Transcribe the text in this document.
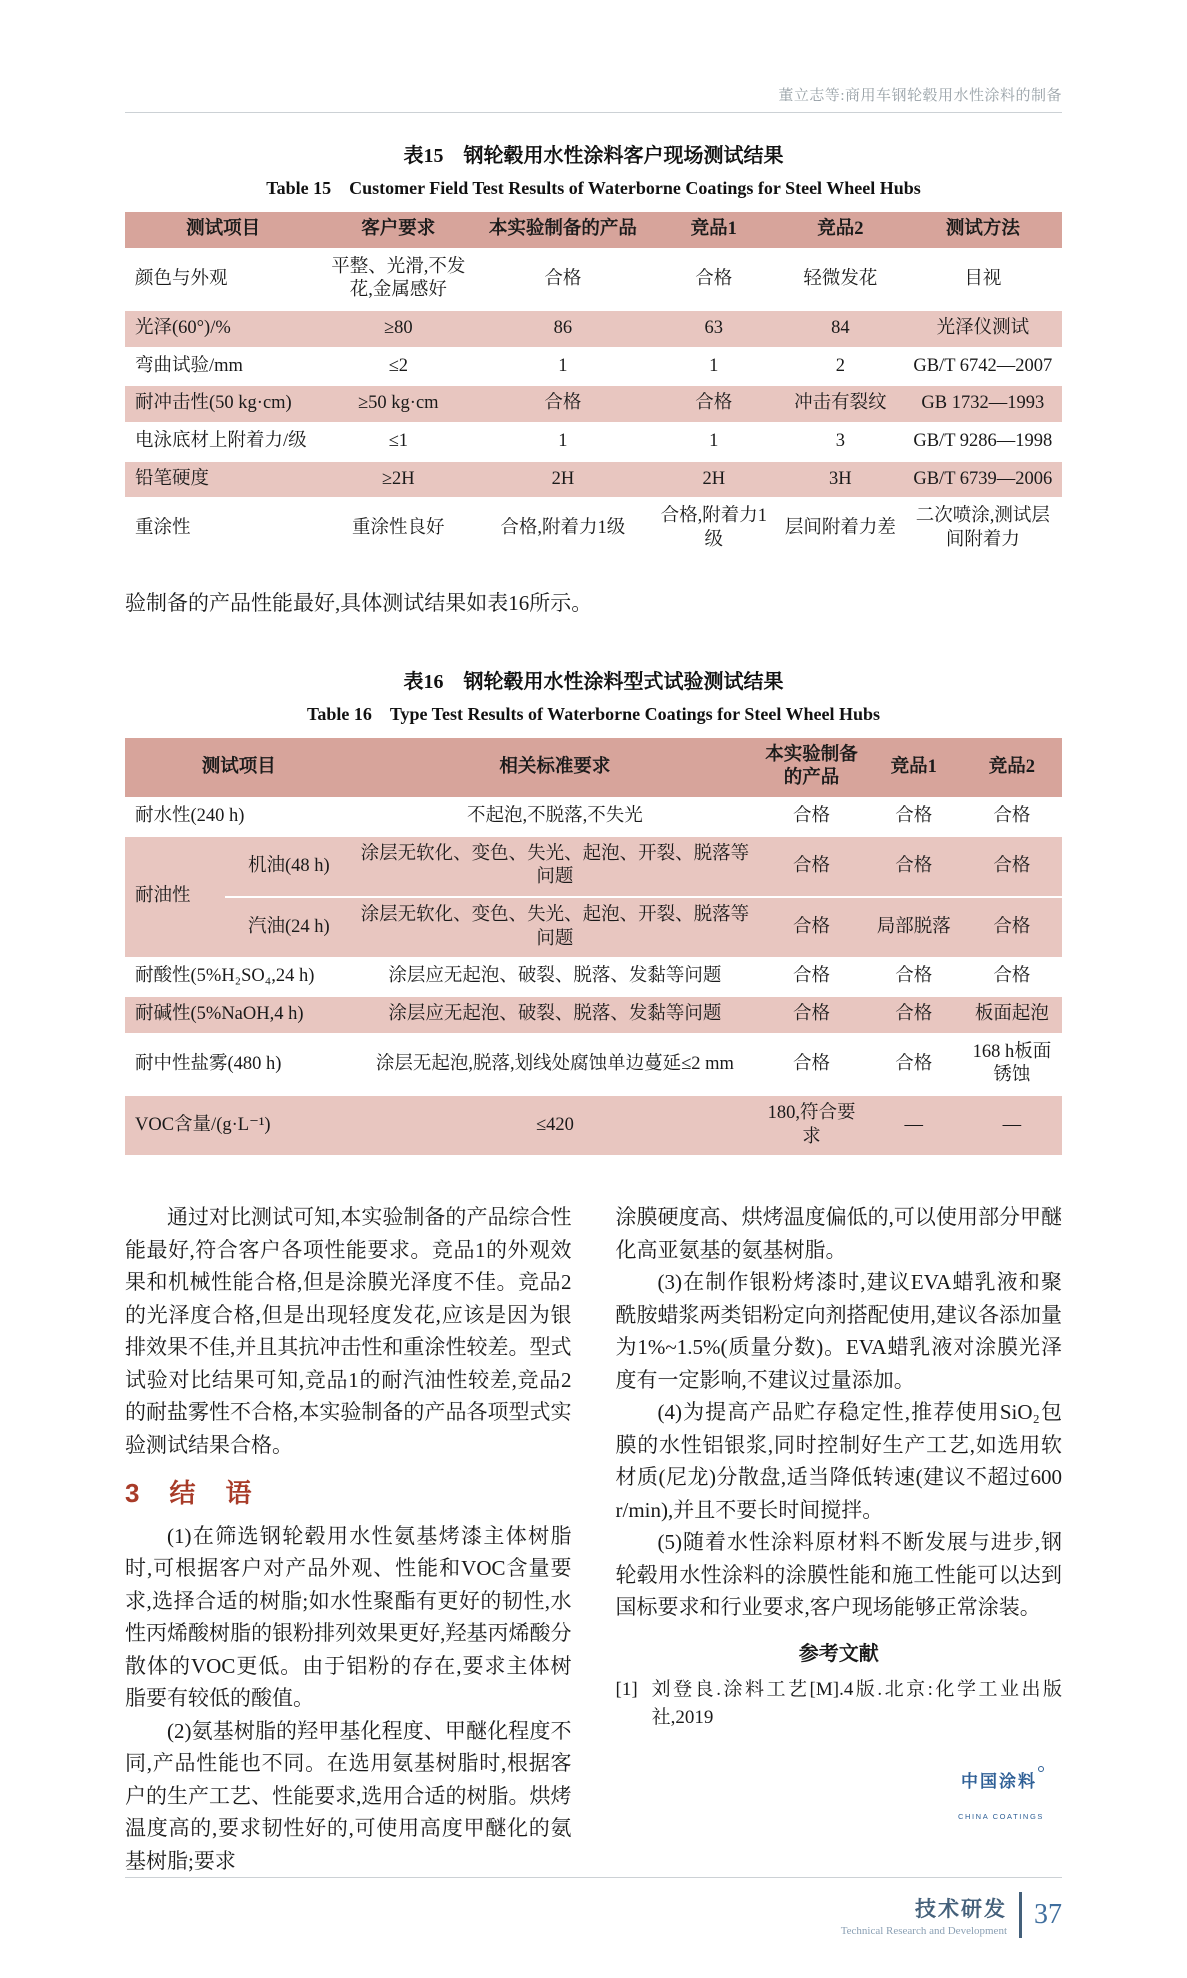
董立志等:商用车钢轮毂用水性涂料的制备
表15　钢轮毂用水性涂料客户现场测试结果
Table 15　Customer Field Test Results of Waterborne Coatings for Steel Wheel Hubs
测试项目	客户要求	本实验制备的产品	竞品1	竞品2	测试方法
颜色与外观	平整、光滑,不发花,金属感好	合格	合格	轻微发花	目视
光泽(60°)/%	≥80	86	63	84	光泽仪测试
弯曲试验/mm	≤2	1	1	2	GB/T 6742—2007
耐冲击性(50 kg·cm)	≥50 kg·cm	合格	合格	冲击有裂纹	GB 1732—1993
电泳底材上附着力/级	≤1	1	1	3	GB/T 9286—1998
铅笔硬度	≥2H	2H	2H	3H	GB/T 6739—2006
重涂性	重涂性良好	合格,附着力1级	合格,附着力1级	层间附着力差	二次喷涂,测试层间附着力

验制备的产品性能最好,具体测试结果如表16所示。

表16　钢轮毂用水性涂料型式试验测试结果
Table 16　Type Test Results of Waterborne Coatings for Steel Wheel Hubs
测试项目		相关标准要求	本实验制备的产品	竞品1	竞品2
耐水性(240 h)		不起泡,不脱落,不失光	合格	合格	合格
耐油性	机油(48 h)	涂层无软化、变色、失光、起泡、开裂、脱落等问题	合格	合格	合格
	汽油(24 h)	涂层无软化、变色、失光、起泡、开裂、脱落等问题	合格	局部脱落	合格
耐酸性(5%H₂SO₄,24 h)		涂层应无起泡、破裂、脱落、发黏等问题	合格	合格	合格
耐碱性(5%NaOH,4 h)		涂层应无起泡、破裂、脱落、发黏等问题	合格	合格	板面起泡
耐中性盐雾(480 h)		涂层无起泡,脱落,划线处腐蚀单边蔓延≤2 mm	合格	合格	168 h板面锈蚀
VOC含量/(g·L⁻¹)		≤420	180,符合要求	—	—

通过对比测试可知,本实验制备的产品综合性能最好,符合客户各项性能要求。竞品1的外观效果和机械性能合格,但是涂膜光泽度不佳。竞品2的光泽度合格,但是出现轻度发花,应该是因为银排效果不佳,并且其抗冲击性和重涂性较差。型式试验对比结果可知,竞品1的耐汽油性较差,竞品2的耐盐雾性不合格,本实验制备的产品各项型式实验测试结果合格。

3　结　语

(1)在筛选钢轮毂用水性氨基烤漆主体树脂时,可根据客户对产品外观、性能和VOC含量要求,选择合适的树脂;如水性聚酯有更好的韧性,水性丙烯酸树脂的银粉排列效果更好,羟基丙烯酸分散体的VOC更低。由于铝粉的存在,要求主体树脂要有较低的酸值。

(2)氨基树脂的羟甲基化程度、甲醚化程度不同,产品性能也不同。在选用氨基树脂时,根据客户的生产工艺、性能要求,选用合适的树脂。烘烤温度高的,要求韧性好的,可使用高度甲醚化的氨基树脂;要求

涂膜硬度高、烘烤温度偏低的,可以使用部分甲醚化高亚氨基的氨基树脂。

(3)在制作银粉烤漆时,建议EVA蜡乳液和聚酰胺蜡浆两类铝粉定向剂搭配使用,建议各添加量为1%~1.5%(质量分数)。EVA蜡乳液对涂膜光泽度有一定影响,不建议过量添加。

(4)为提高产品贮存稳定性,推荐使用SiO₂包膜的水性铝银浆,同时控制好生产工艺,如选用软材质(尼龙)分散盘,适当降低转速(建议不超过600 r/min),并且不要长时间搅拌。

(5)随着水性涂料原材料不断发展与进步,钢轮毂用水性涂料的涂膜性能和施工性能可以达到国标要求和行业要求,客户现场能够正常涂装。

参考文献
[1] 刘登良.涂料工艺[M].4版.北京:化学工业出版社,2019
中国涂料
CHINA COATINGS
技术研发
Technical Research and Development
37
